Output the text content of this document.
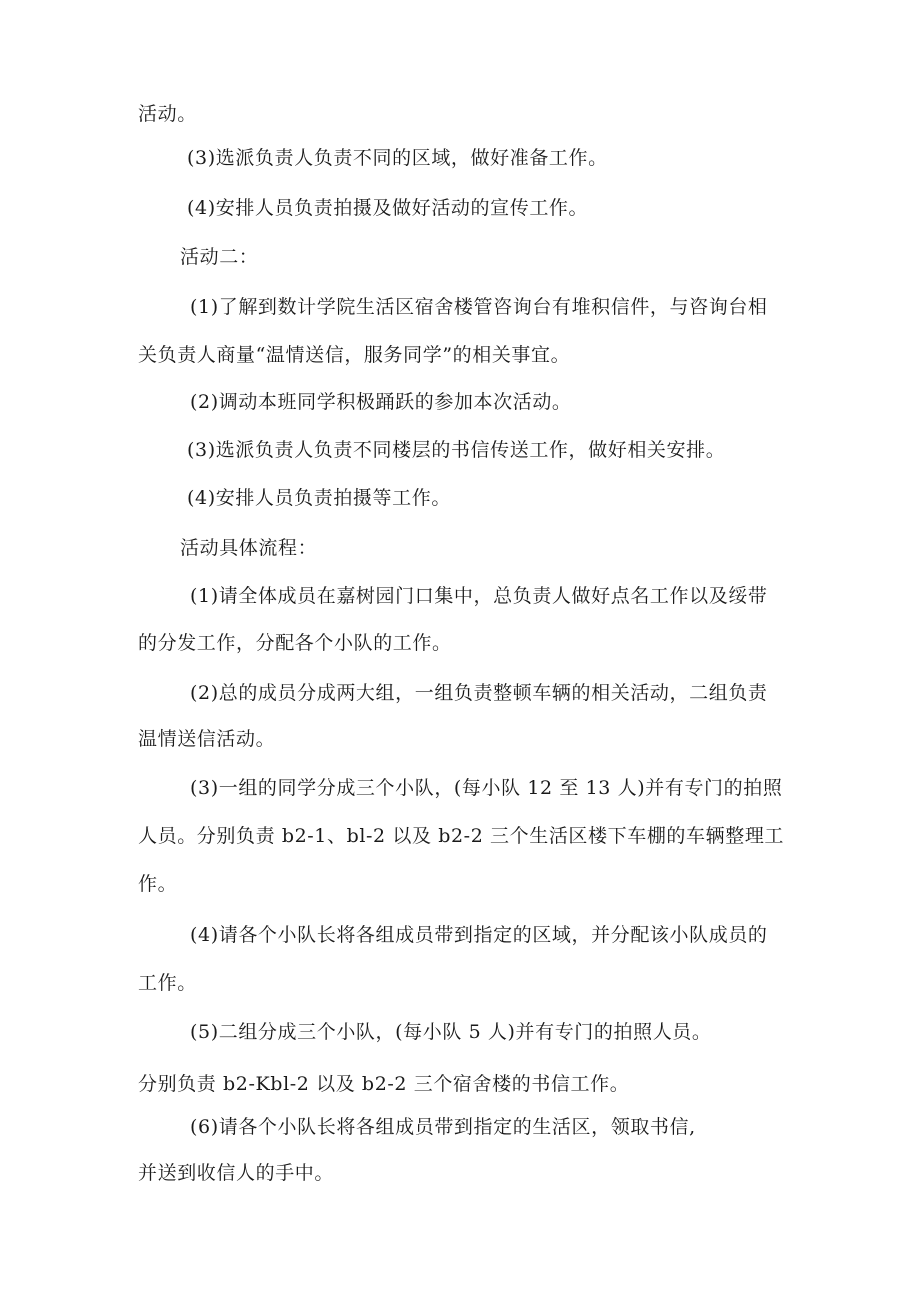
活动。
(3)选派负责人负责不同的区域，做好准备工作。
(4)安排人员负责拍摄及做好活动的宣传工作。
活动二：
(1)了解到数计学院生活区宿舍楼管咨询台有堆积信件，与咨询台相
关负责人商量“温情送信，服务同学”的相关事宜。
(2)调动本班同学积极踊跃的参加本次活动。
(3)选派负责人负责不同楼层的书信传送工作，做好相关安排。
(4)安排人员负责拍摄等工作。
活动具体流程：
(1)请全体成员在嘉树园门口集中，总负责人做好点名工作以及绥带
的分发工作，分配各个小队的工作。
(2)总的成员分成两大组，一组负责整顿车辆的相关活动，二组负责
温情送信活动。
(3)一组的同学分成三个小队，(每小队 12 至 13 人)并有专门的拍照
人员。分别负责 b2-1、bl-2 以及 b2-2 三个生活区楼下车棚的车辆整理工
作。
(4)请各个小队长将各组成员带到指定的区域，并分配该小队成员的
工作。
(5)二组分成三个小队，(每小队 5 人)并有专门的拍照人员。
分别负责 b2-Kbl-2 以及 b2-2 三个宿舍楼的书信工作。
(6)请各个小队长将各组成员带到指定的生活区，领取书信,
并送到收信人的手中。
